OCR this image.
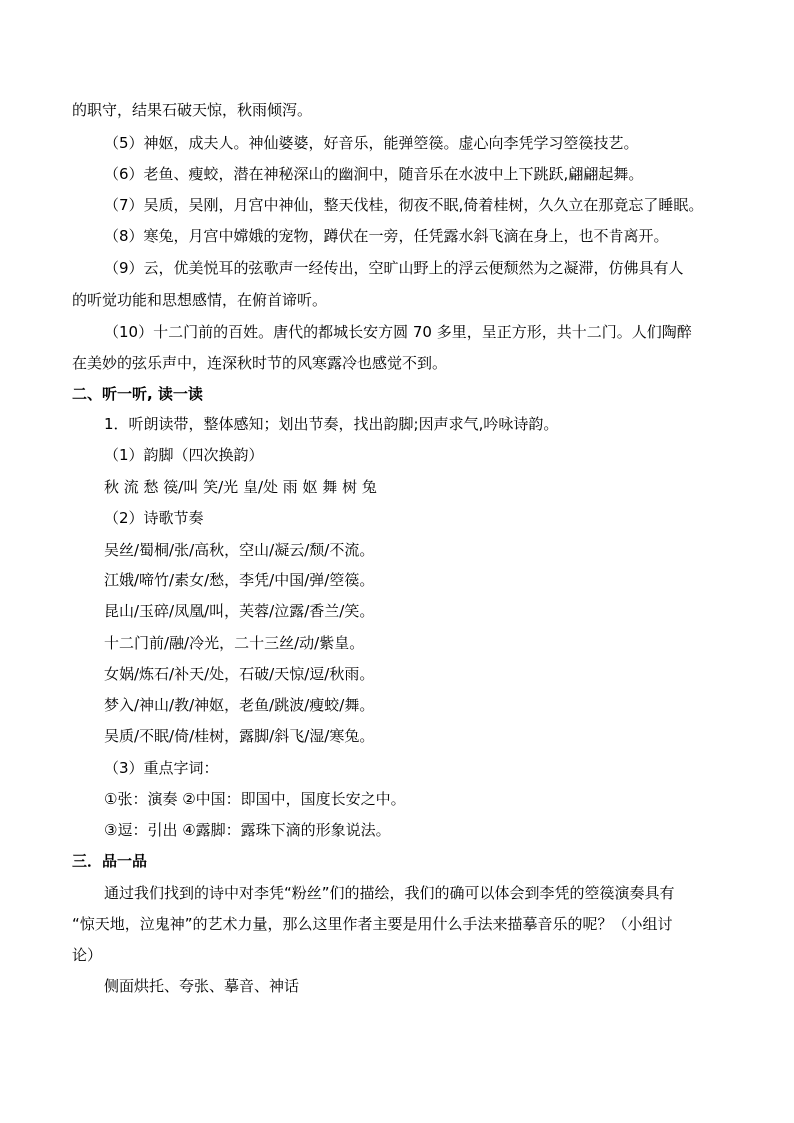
的职守，结果石破天惊，秋雨倾泻。
（5）神妪，成夫人。神仙婆婆，好音乐，能弹箜篌。虚心向李凭学习箜篌技艺。
（6）老鱼、瘦蛟，潜在神秘深山的幽涧中，随音乐在水波中上下跳跃,翩翩起舞。
（7）吴质，吴刚，月宫中神仙，整天伐桂，彻夜不眠,倚着桂树，久久立在那竟忘了睡眠。
（8）寒兔，月宫中嫦娥的宠物，蹲伏在一旁，任凭露水斜飞滴在身上，也不肯离开。
（9）云，优美悦耳的弦歌声一经传出，空旷山野上的浮云便颓然为之凝滞，仿佛具有人
的听觉功能和思想感情，在俯首谛听。
（10）十二门前的百姓。唐代的都城长安方圆 70 多里，呈正方形，共十二门。人们陶醉
在美妙的弦乐声中，连深秋时节的风寒露冷也感觉不到。
二、听一听, 读一读
1．听朗读带，整体感知；划出节奏，找出韵脚;因声求气,吟咏诗韵。
（1）韵脚（四次换韵）
秋 流 愁 篌/叫 笑/光 皇/处 雨 妪 舞 树 兔
（2）诗歌节奏
吴丝/蜀桐/张/高秋，空山/凝云/颓/不流。
江娥/啼竹/素女/愁，李凭/中国/弹/箜篌。
昆山/玉碎/凤凰/叫，芙蓉/泣露/香兰/笑。
十二门前/融/冷光，二十三丝/动/紫皇。
女娲/炼石/补天/处，石破/天惊/逗/秋雨。
梦入/神山/教/神妪，老鱼/跳波/瘦蛟/舞。
吴质/不眠/倚/桂树，露脚/斜飞/湿/寒兔。
（3）重点字词：
①张：演奏 ②中国：即国中，国度长安之中。
③逗：引出 ④露脚：露珠下滴的形象说法。
三．品一品
通过我们找到的诗中对李凭“粉丝”们的描绘，我们的确可以体会到李凭的箜篌演奏具有
“惊天地，泣鬼神”的艺术力量，那么这里作者主要是用什么手法来描摹音乐的呢？（小组讨
论）
侧面烘托、夸张、摹音、神话
